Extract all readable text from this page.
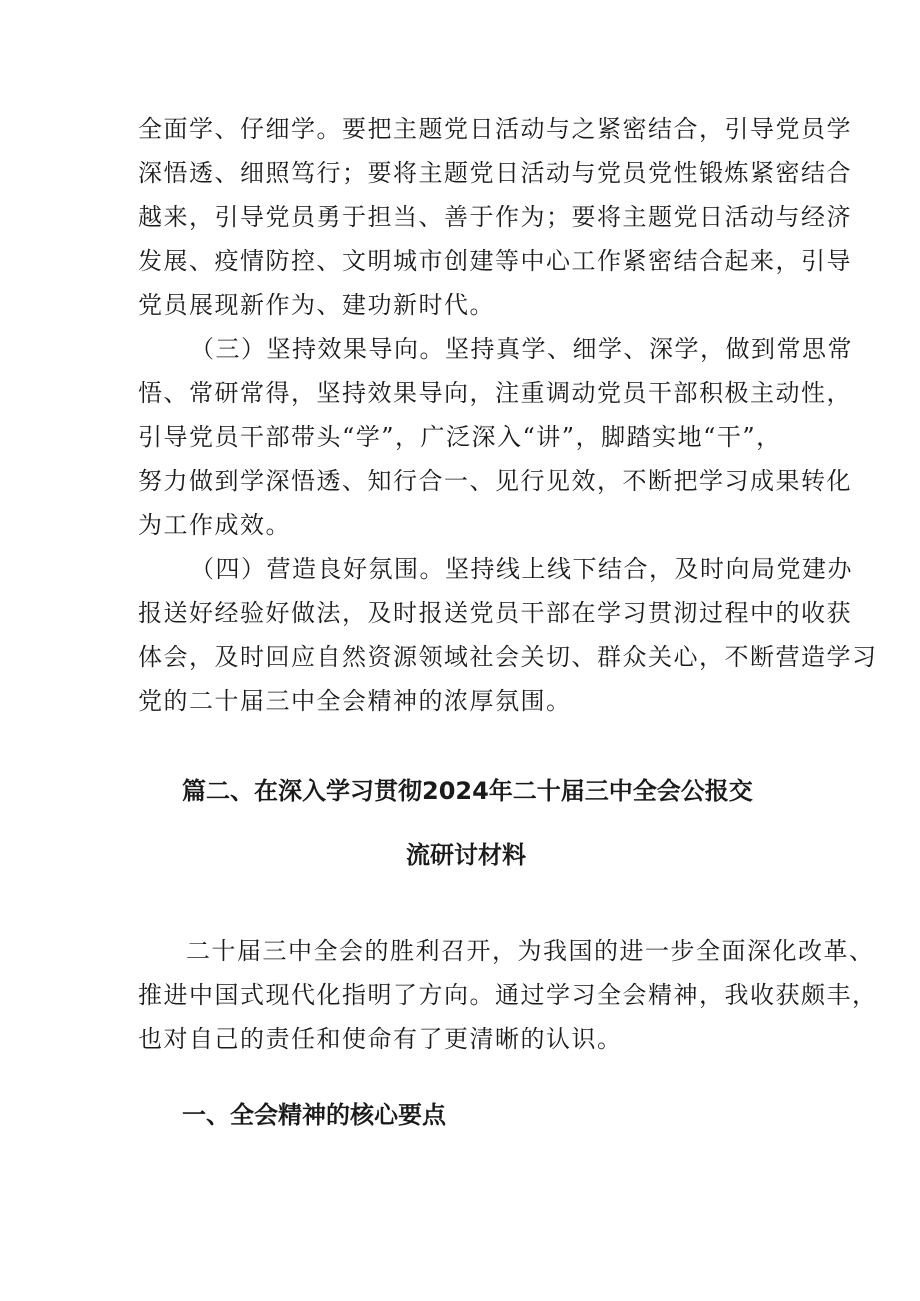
全面学、仔细学。要把主题党日活动与之紧密结合，引导党员学
深悟透、细照笃行；要将主题党日活动与党员党性锻炼紧密结合
越来，引导党员勇于担当、善于作为；要将主题党日活动与经济
发展、疫情防控、文明城市创建等中心工作紧密结合起来，引导
党员展现新作为、建功新时代。
（三）坚持效果导向。坚持真学、细学、深学，做到常思常
悟、常研常得，坚持效果导向，注重调动党员干部积极主动性，
引导党员干部带头“学”，广泛深入“讲”，脚踏实地“干”，
努力做到学深悟透、知行合一、见行见效，不断把学习成果转化
为工作成效。
（四）营造良好氛围。坚持线上线下结合，及时向局党建办
报送好经验好做法，及时报送党员干部在学习贯沏过程中的收获
体会，及时回应自然资源领域社会关切、群众关心，不断营造学习
党的二十届三中全会精神的浓厚氛围。
篇二、在深入学习贯彻2024年二十届三中全会公报交
流研讨材料
二十届三中全会的胜利召开，为我国的进一步全面深化改革、
推进中国式现代化指明了方向。通过学习全会精神，我收获颇丰，
也对自己的责任和使命有了更清晰的认识。
一、全会精神的核心要点
